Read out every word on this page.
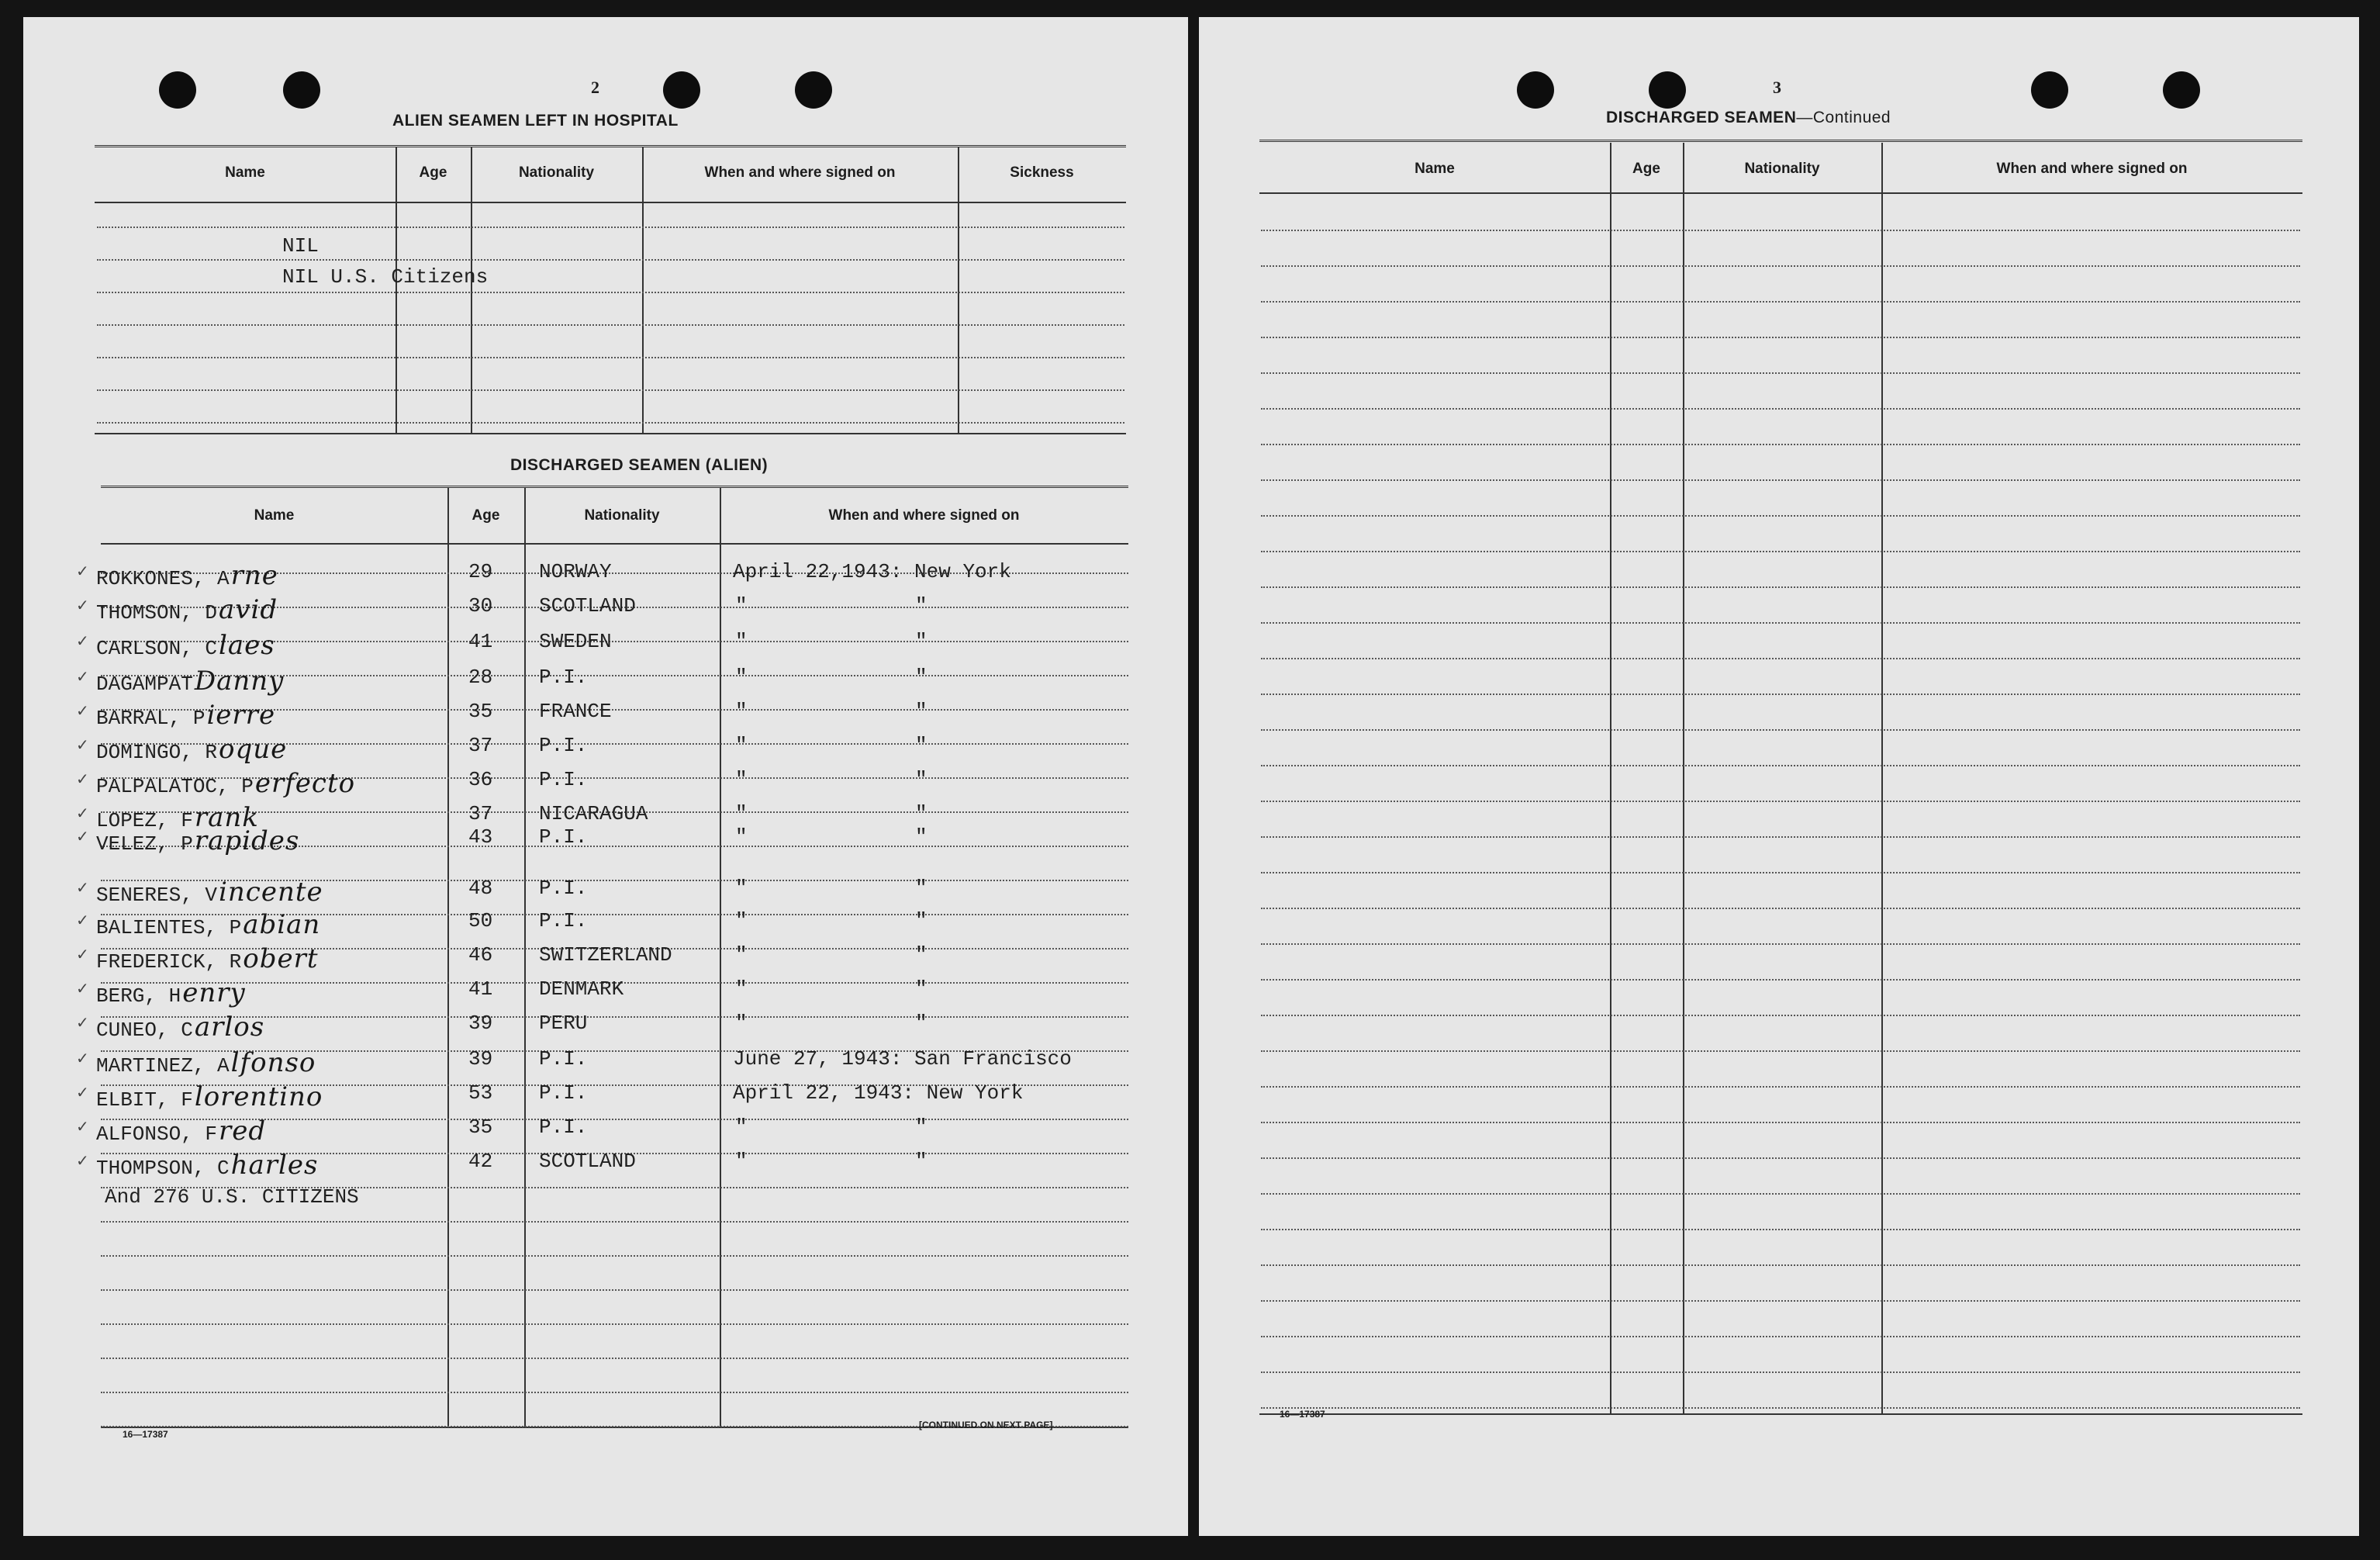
2
ALIEN SEAMEN LEFT IN HOSPITAL
Name	Age	Nationality	When and where signed on	Sickness
NIL
NIL U.S. Citizens
DISCHARGED SEAMEN (ALIEN)
Name	Age	Nationality	When and where signed on
✓ ROKKONES, Arne	29 NORWAY	April 22,1943: New York
✓ THOMSON, David	30 SCOTLAND	"	"
✓ CARLSON, Claes	41 SWEDEN	"	"
✓ DAGAMPATDanny	28 P.I.	"	"
✓ BARRAL, Pierre	35 FRANCE	"	"
✓ DOMINGO, Roque	37 P.I.	"	"
✓ PALPALATOC, Perfecto	36 P.I.	"	"
✓ LOPEZ, Frank	37 NICARAGUA	"	"
✓ VELEZ, Prapides	43 P.I.	"	"
✓ SENERES, Vincente	48 P.I.	"	"
✓ BALIENTES, Pabian	50 P.I.	"	"
✓ FREDERICK, Robert	46 SWITZERLAND	"	"
✓ BERG, Henry	41 DENMARK	"	"
✓ CUNEO, Carlos	39 PERU	"	"
✓ MARTINEZ, Alfonso	39 P.I.	June 27, 1943: San Francisco
✓ ELBIT, Florentino	53 P.I.	April 22, 1943: New York
✓ ALFONSO, Fred	35 P.I.	"	"
✓ THOMPSON, Charles	42 SCOTLAND	"	"
And 276 U.S. CITIZENS
16—17387
[CONTINUED ON NEXT PAGE]
3
DISCHARGED SEAMEN—Continued
Name	Age	Nationality	When and where signed on
16—17387
